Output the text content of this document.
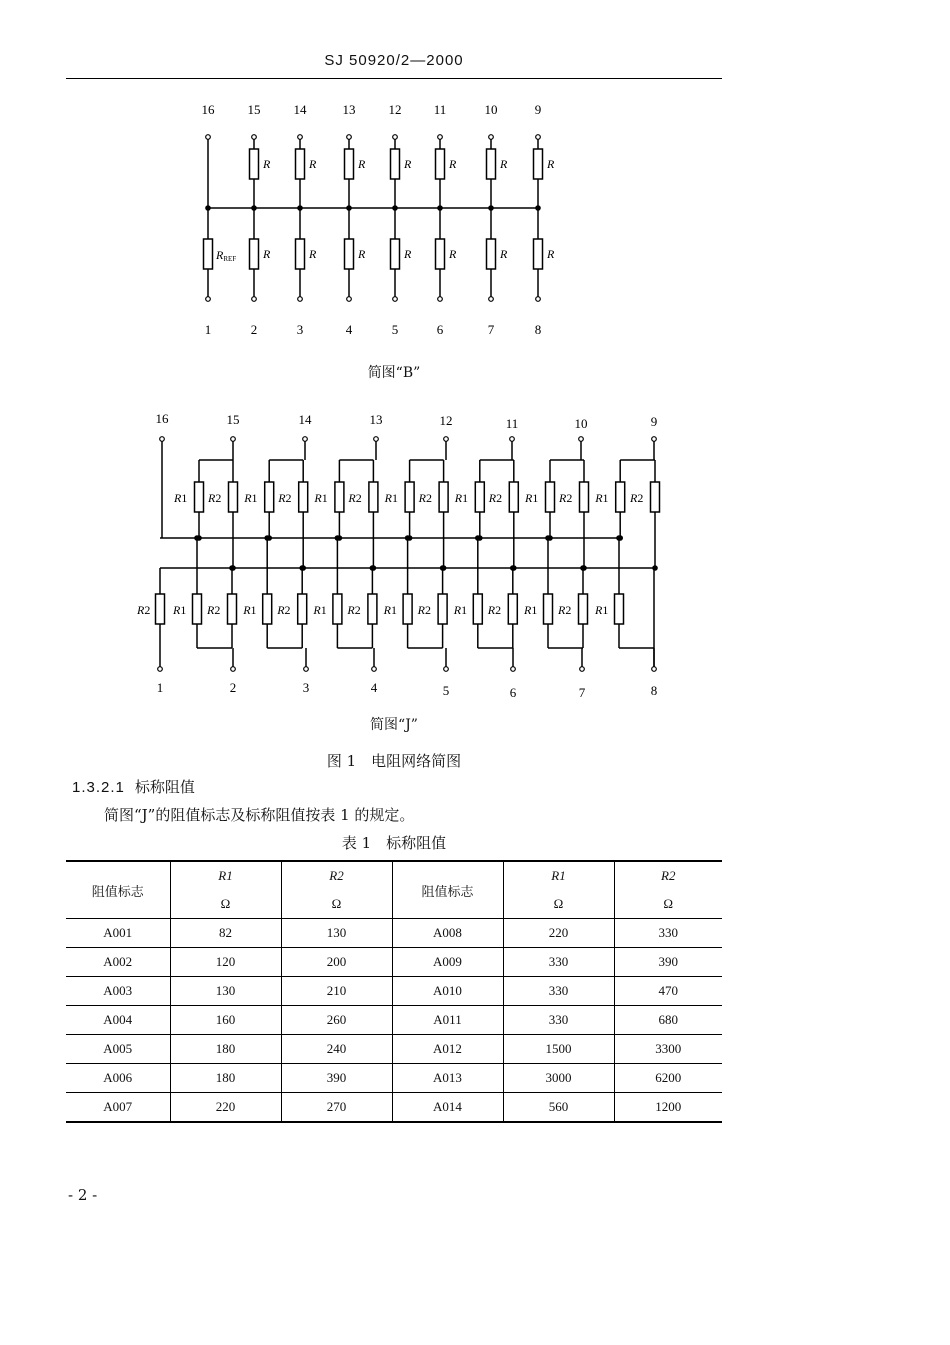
SJ 50920/2—2000
16
1
RREF
15
2
R
R
14
3
R
R
13
4
R
R
12
5
R
R
11
6
R
R
10
7
R
R
9
8
R
R
简图“B”
16	15	14	13	12	11	10	9
R1 R2 R1 R2 R1 R2 R1 R2 R1 R2 R1 R2 R1 R2
1	2	3	4	5	6	7	8
R2 R1 R2 R1 R2 R1 R2 R1 R2 R1 R2 R1 R2 R1
简图“J”
图 1　电阻网络简图
1.3.2.1 标称阻值
简图“J”的阻值标志及标称阻值按表 1 的规定。
表 1　标称阻值
阻值标志	R1	R2	阻值标志	R1	R2
	Ω	Ω		Ω	Ω
A001	82	130	A008	220	330
A002	120	200	A009	330	390
A003	130	210	A010	330	470
A004	160	260	A011	330	680
A005	180	240	A012	1500	3300
A006	180	390	A013	3000	6200
A007	220	270	A014	560	1200
- 2 -
